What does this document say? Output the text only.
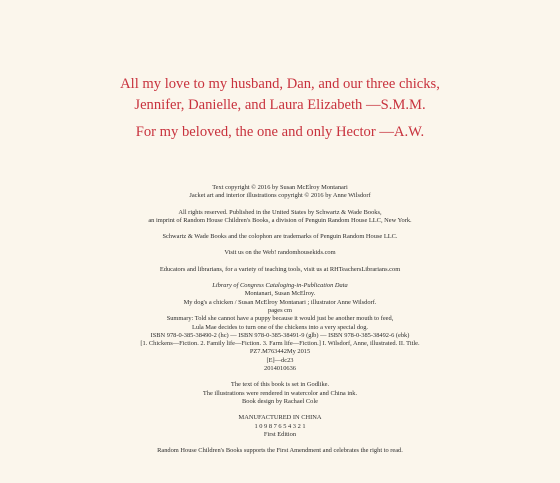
All my love to my husband, Dan, and our three chicks,
Jennifer, Danielle, and Laura Elizabeth —S.M.M.
For my beloved, the one and only Hector —A.W.
Text copyright © 2016 by Susan McElroy Montanari
Jacket art and interior illustrations copyright © 2016 by Anne Wilsdorf
All rights reserved. Published in the United States by Schwartz & Wade Books,
an imprint of Random House Children's Books, a division of Penguin Random House LLC, New York.
Schwartz & Wade Books and the colophon are trademarks of Penguin Random House LLC.
Visit us on the Web! randomhousekids.com
Educators and librarians, for a variety of teaching tools, visit us at RHTeachersLibrarians.com
Library of Congress Cataloging-in-Publication Data
Montanari, Susan McElroy.
My dog's a chicken / Susan McElroy Montanari ; illustrator Anne Wilsdorf.
pages cm
Summary: Told she cannot have a puppy because it would just be another mouth to feed,
Lula Mae decides to turn one of the chickens into a very special dog.
ISBN 978-0-385-38490-2 (hc) — ISBN 978-0-385-38491-9 (glb) — ISBN 978-0-385-38492-6 (ebk)
[1. Chickens—Fiction. 2. Family life—Fiction. 3. Farm life—Fiction.] I. Wilsdorf, Anne, illustrated. II. Title.
PZ7.M763442My 2015
[E]—dc23
2014010636
The text of this book is set in Godlike.
The illustrations were rendered in watercolor and China ink.
Book design by Rachael Cole
MANUFACTURED IN CHINA
1 0 9 8 7 6 5 4 3 2 1
First Edition
Random House Children's Books supports the First Amendment and celebrates the right to read.
